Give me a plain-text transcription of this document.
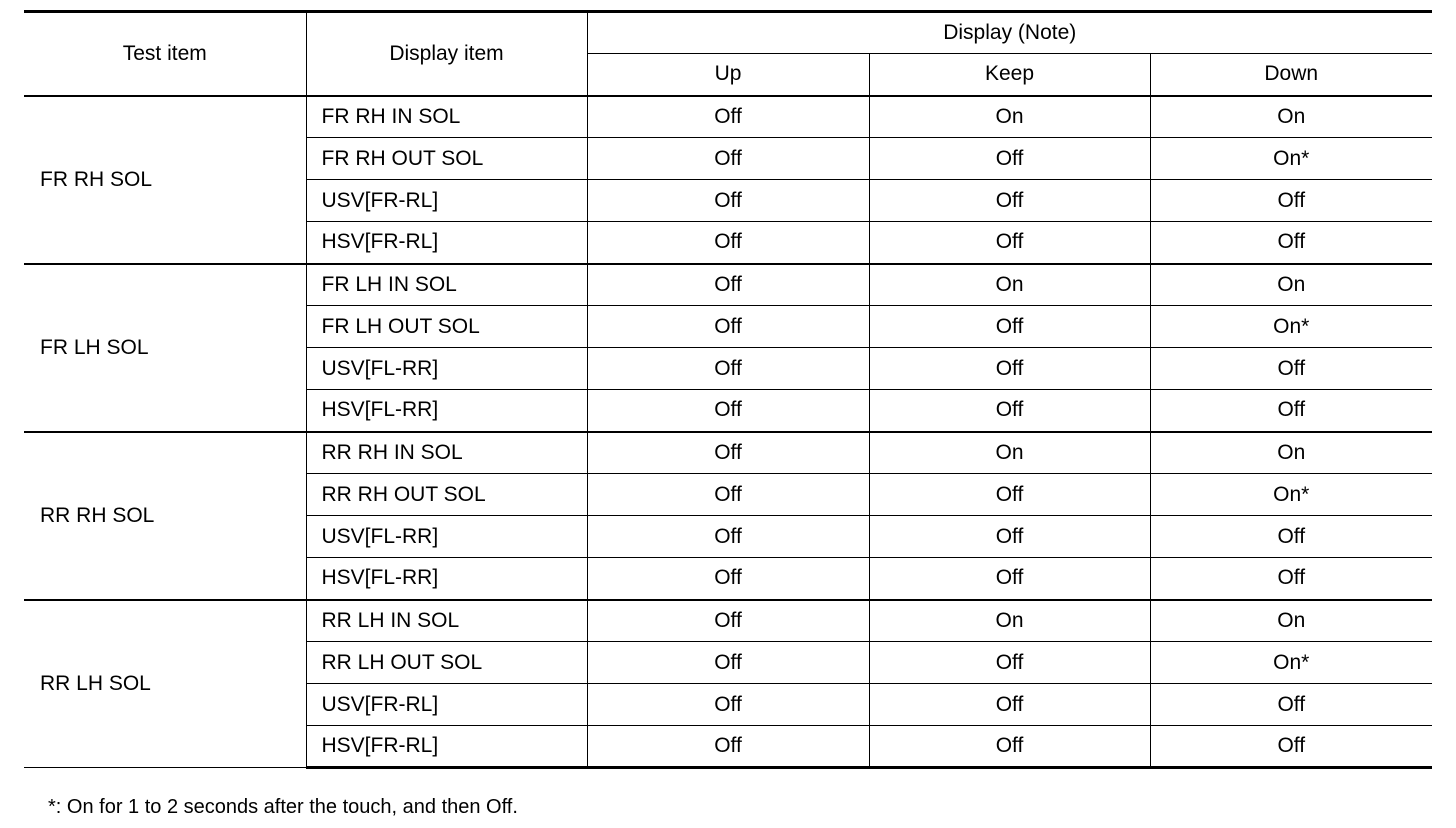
Test item	Display item	Display (Note)		
		Up	Keep	Down
FR RH SOL	FR RH IN SOL	Off	On	On
	FR RH OUT SOL	Off	Off	On*
	USV[FR-RL]	Off	Off	Off
	HSV[FR-RL]	Off	Off	Off
FR LH SOL	FR LH IN SOL	Off	On	On
	FR LH OUT SOL	Off	Off	On*
	USV[FL-RR]	Off	Off	Off
	HSV[FL-RR]	Off	Off	Off
RR RH SOL	RR RH IN SOL	Off	On	On
	RR RH OUT SOL	Off	Off	On*
	USV[FL-RR]	Off	Off	Off
	HSV[FL-RR]	Off	Off	Off
RR LH SOL	RR LH IN SOL	Off	On	On
	RR LH OUT SOL	Off	Off	On*
	USV[FR-RL]	Off	Off	Off
	HSV[FR-RL]	Off	Off	Off
*: On for 1 to 2 seconds after the touch, and then Off.
